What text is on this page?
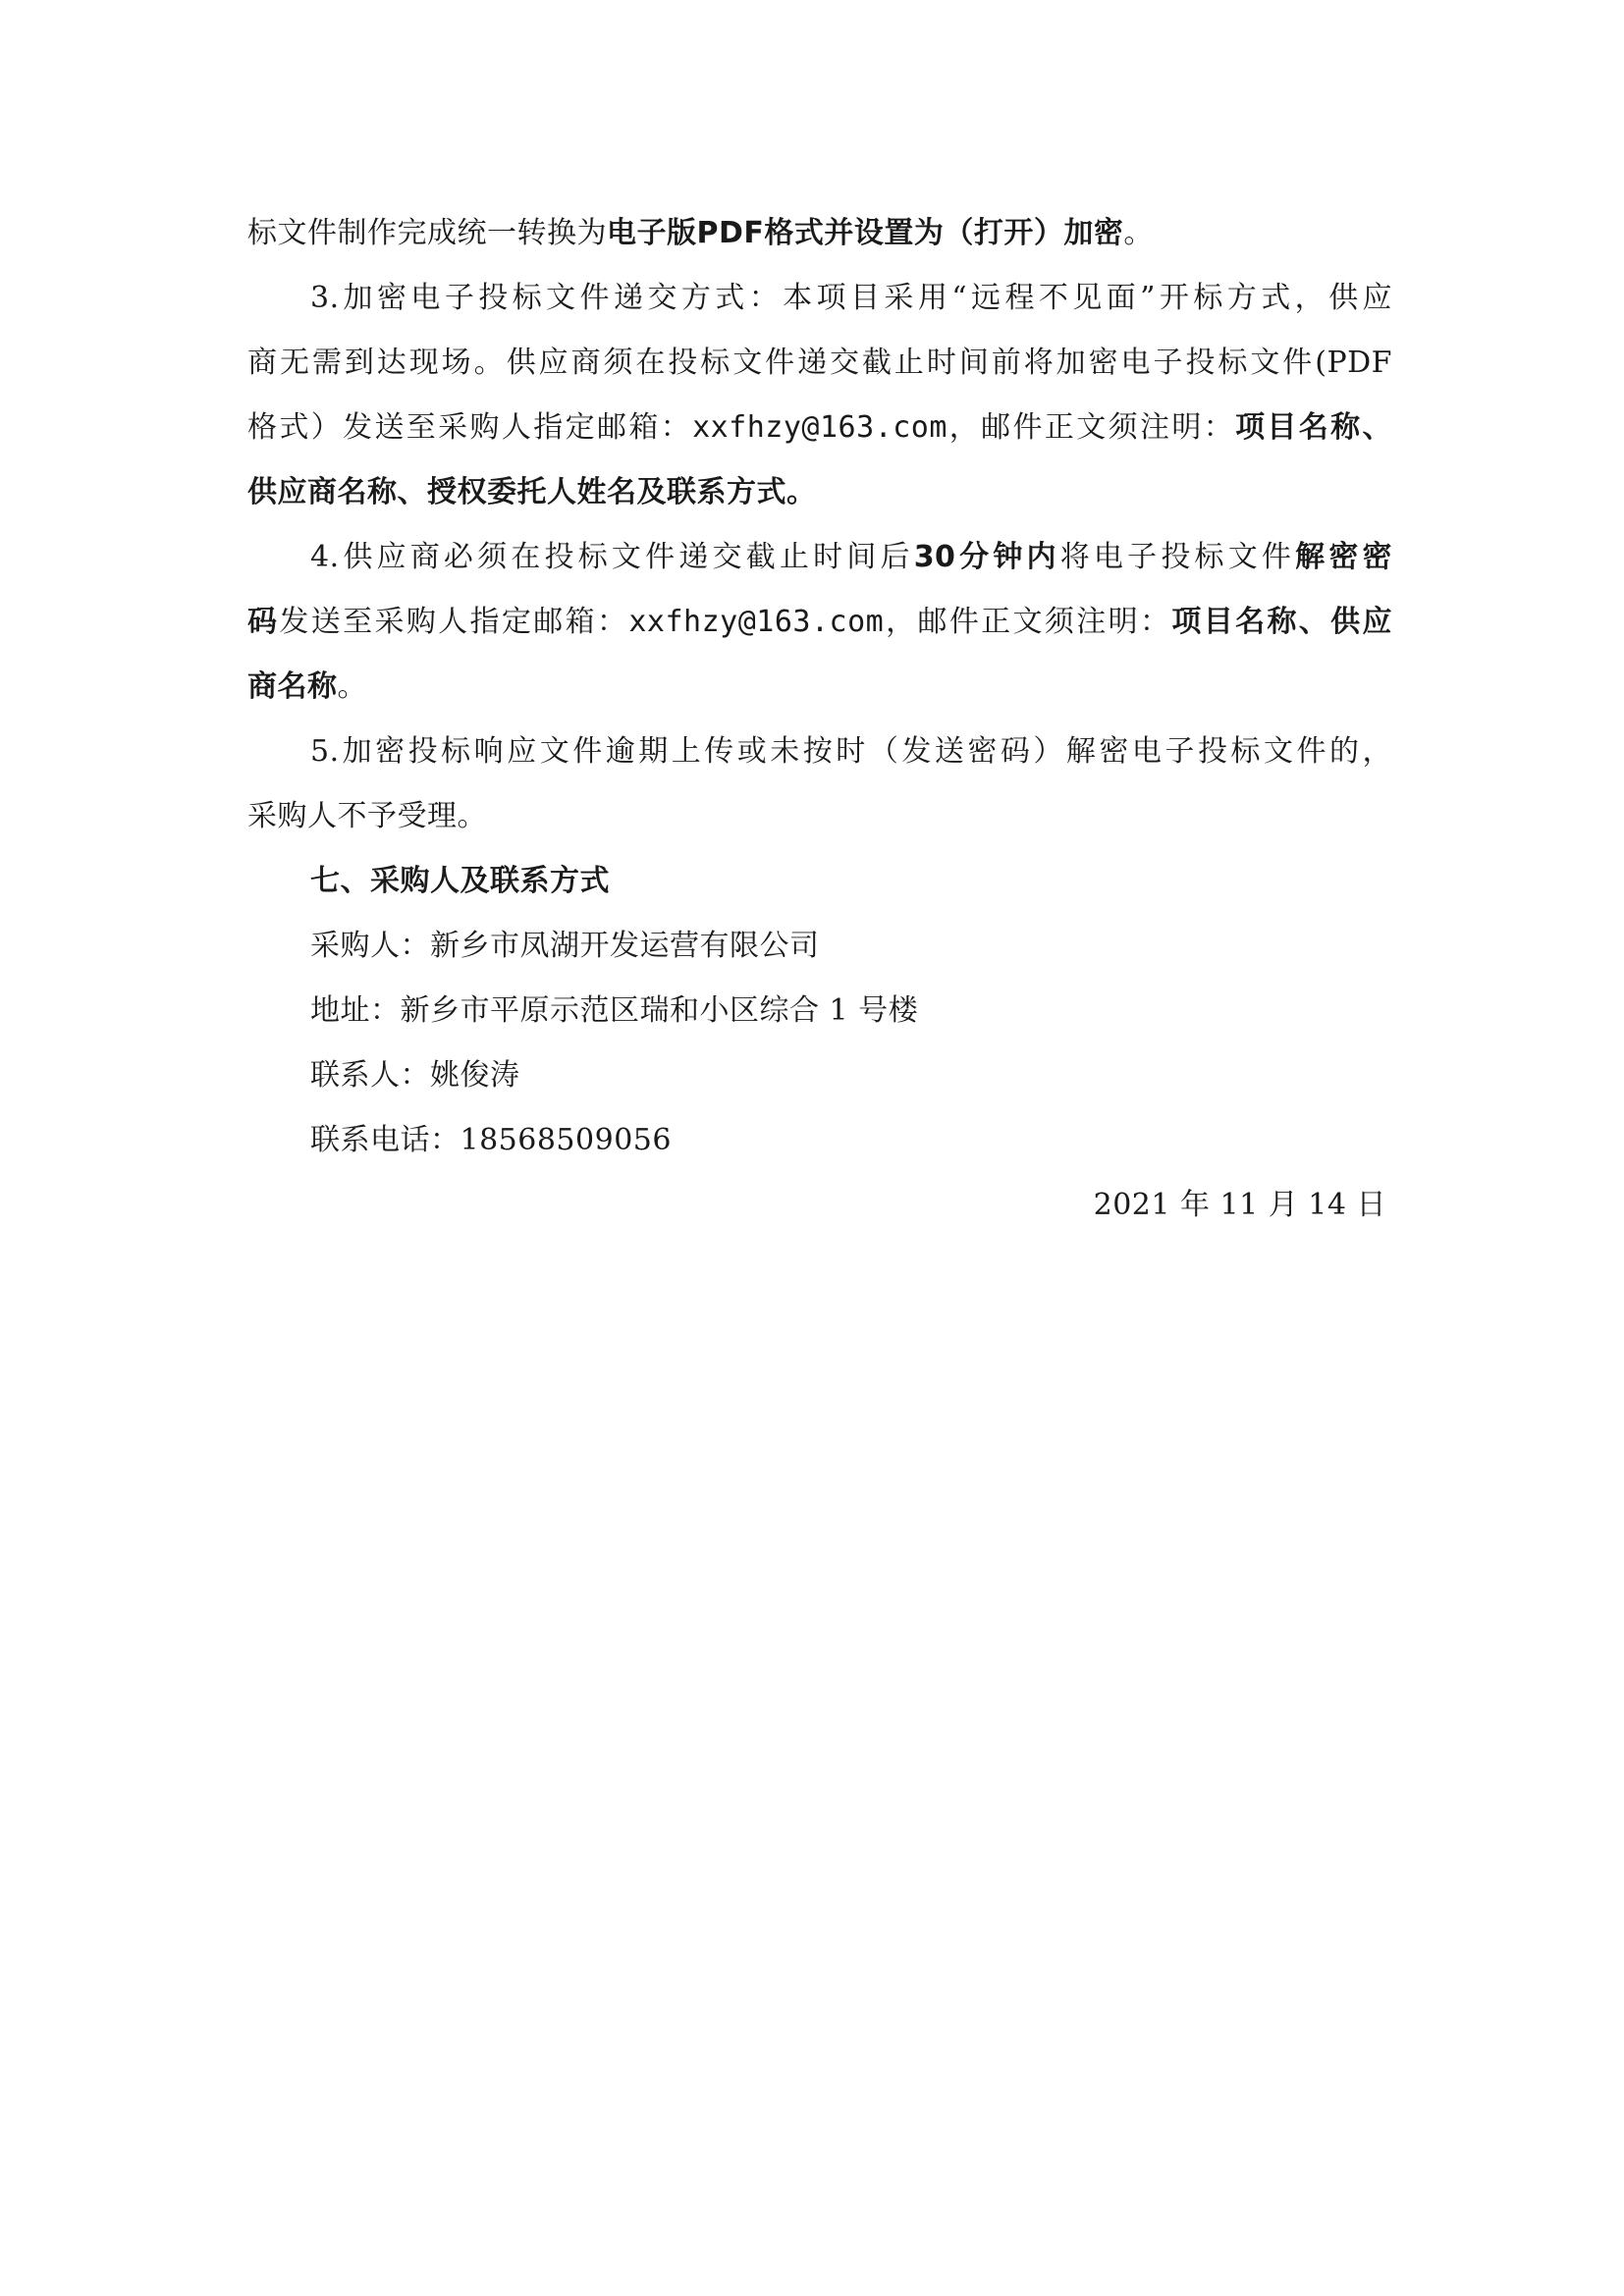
标文件制作完成统一转换为电子版PDF格式并设置为（打开）加密。
3.加密电子投标文件递交方式：本项目采用“远程不见面”开标方式，供应
商无需到达现场。供应商须在投标文件递交截止时间前将加密电子投标文件(PDF
格式）发送至采购人指定邮箱：xxfhzy@163.com，邮件正文须注明：项目名称、
供应商名称、授权委托人姓名及联系方式。
4.供应商必须在投标文件递交截止时间后30分钟内将电子投标文件解密密
码发送至采购人指定邮箱：xxfhzy@163.com，邮件正文须注明：项目名称、供应
商名称。
5.加密投标响应文件逾期上传或未按时（发送密码）解密电子投标文件的，
采购人不予受理。
七、采购人及联系方式
采购人：新乡市凤湖开发运营有限公司
地址：新乡市平原示范区瑞和小区综合 1 号楼
联系人：姚俊涛
联系电话：18568509056
2021 年 11 月 14 日
